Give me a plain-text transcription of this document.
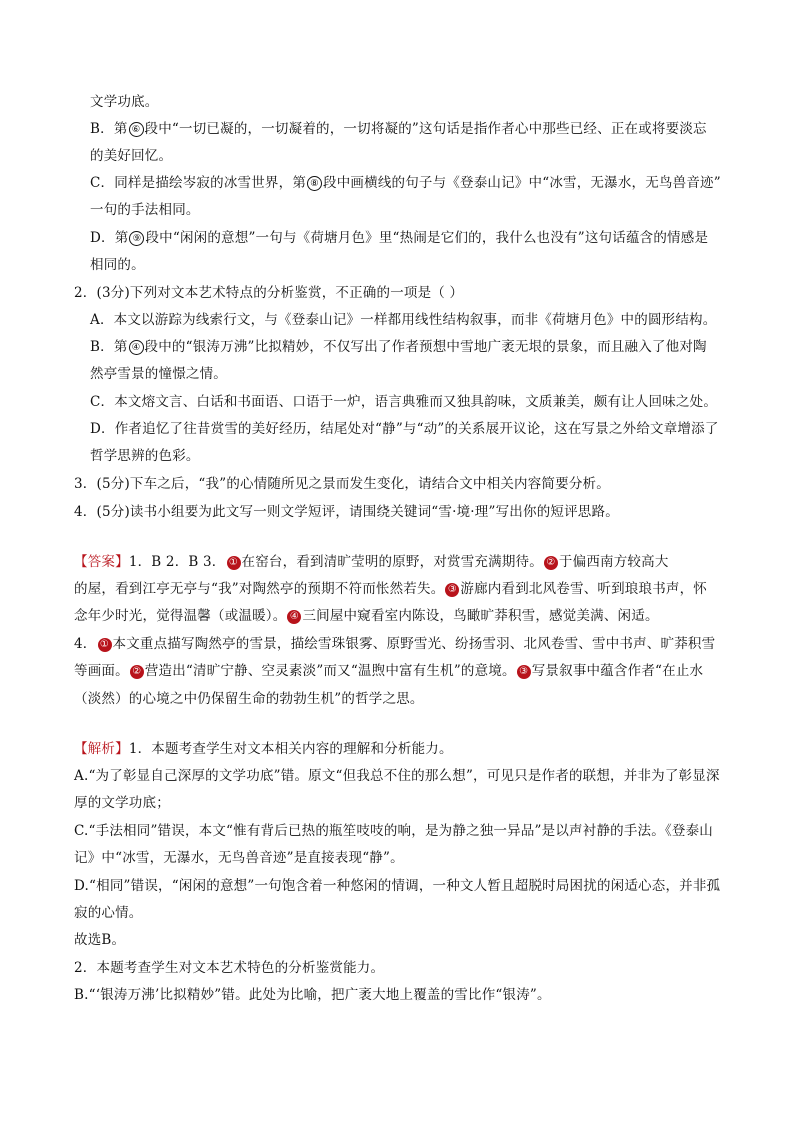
文学功底。
B．第 ⑥ 段中“一切已凝的，一切凝着的，一切将凝的”这句话是指作者心中那些已经、正在或将要淡忘
的美好回忆。
C．同样是描绘岑寂的冰雪世界，第 ⑧ 段中画横线的句子与《登泰山记》中“冰雪，无瀑水，无鸟兽音迹”
一句的手法相同。
D．第 ⑨ 段中“闲闲的意想”一句与《荷塘月色》里“热闹是它们的，我什么也没有”这句话蕴含的情感是
相同的。
2．(3分)下列对文本艺术特点的分析鉴赏，不正确的一项是（ ）
A．本文以游踪为线索行文，与《登泰山记》一样都用线性结构叙事，而非《荷塘月色》中的圆形结构。
B．第 ④ 段中的“银涛万沸”比拟精妙，不仅写出了作者预想中雪地广袤无垠的景象，而且融入了他对陶
然亭雪景的憧憬之情。
C．本文熔文言、白话和书面语、口语于一炉，语言典雅而又独具韵味，文质兼美，颇有让人回味之处。
D．作者追忆了往昔赏雪的美好经历，结尾处对“静”与“动”的关系展开议论，这在写景之外给文章增添了
哲学思辨的色彩。
3．(5分)下车之后，“我”的心情随所见之景而发生变化，请结合文中相关内容简要分析。
4．(5分)读书小组要为此文写一则文学短评，请围绕关键词“雪·境·理”写出你的短评思路。
【答案】1．B 2．B 3． ① 在窑台，看到清旷莹明的原野，对赏雪充满期待。 ② 于偏西南方较高大
的屋，看到江亭无亭与“我”对陶然亭的预期不符而怅然若失。 ③ 游廊内看到北风卷雪、听到琅琅书声，怀
念年少时光，觉得温馨（或温暖）。 ④ 三间屋中窥看室内陈设，鸟瞰旷莽积雪，感觉美满、闲适。
4． ① 本文重点描写陶然亭的雪景，描绘雪珠银雾、原野雪光、纷扬雪羽、北风卷雪、雪中书声、旷莽积雪
等画面。 ② 营造出“清旷宁静、空灵素淡”而又“温煦中富有生机”的意境。 ③ 写景叙事中蕴含作者“在止水
（淡然）的心境之中仍保留生命的勃勃生机”的哲学之思。
【解析】1．本题考查学生对文本相关内容的理解和分析能力。
A.“为了彰显自己深厚的文学功底”错。原文“但我总不住的那么想”，可见只是作者的联想，并非为了彰显深
厚的文学功底；
C.“手法相同”错误，本文“惟有背后已热的瓶笙吱吱的响，是为静之独一异品”是以声衬静的手法。《登泰山
记》中“冰雪，无瀑水，无鸟兽音迹”是直接表现“静”。
D.“相同”错误，“闲闲的意想”一句饱含着一种悠闲的情调，一种文人暂且超脱时局困扰的闲适心态，并非孤
寂的心情。
故选B。
2．本题考查学生对文本艺术特色的分析鉴赏能力。
B.“‘银涛万沸’比拟精妙”错。此处为比喻，把广袤大地上覆盖的雪比作“银涛”。
